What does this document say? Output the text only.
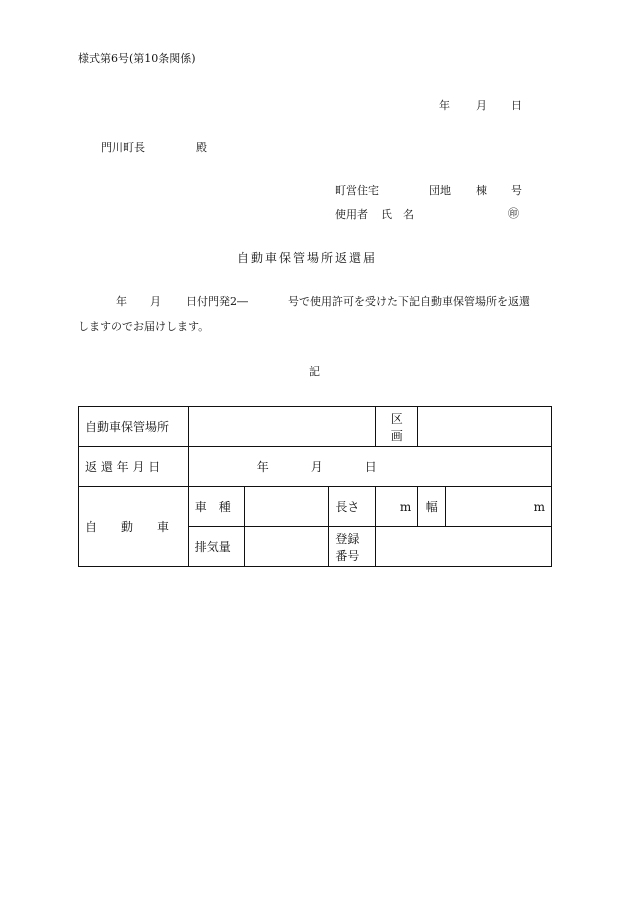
様式第6号(第10条関係)
年 月 日
門川町長	殿
町営住宅	団地 棟 号
使用者 氏　名	㊞
自動車保管場所返還届
年 月 日付門発2―	号で使用許可を受けた下記自動車保管場所を返還
しますのでお届けします。
記
自動車保管場所				区　画		
返 還 年 月 日	年 月 日					
自　　動　　車	車　種		長さ	m	幅	m
	排気量		登録番号			
